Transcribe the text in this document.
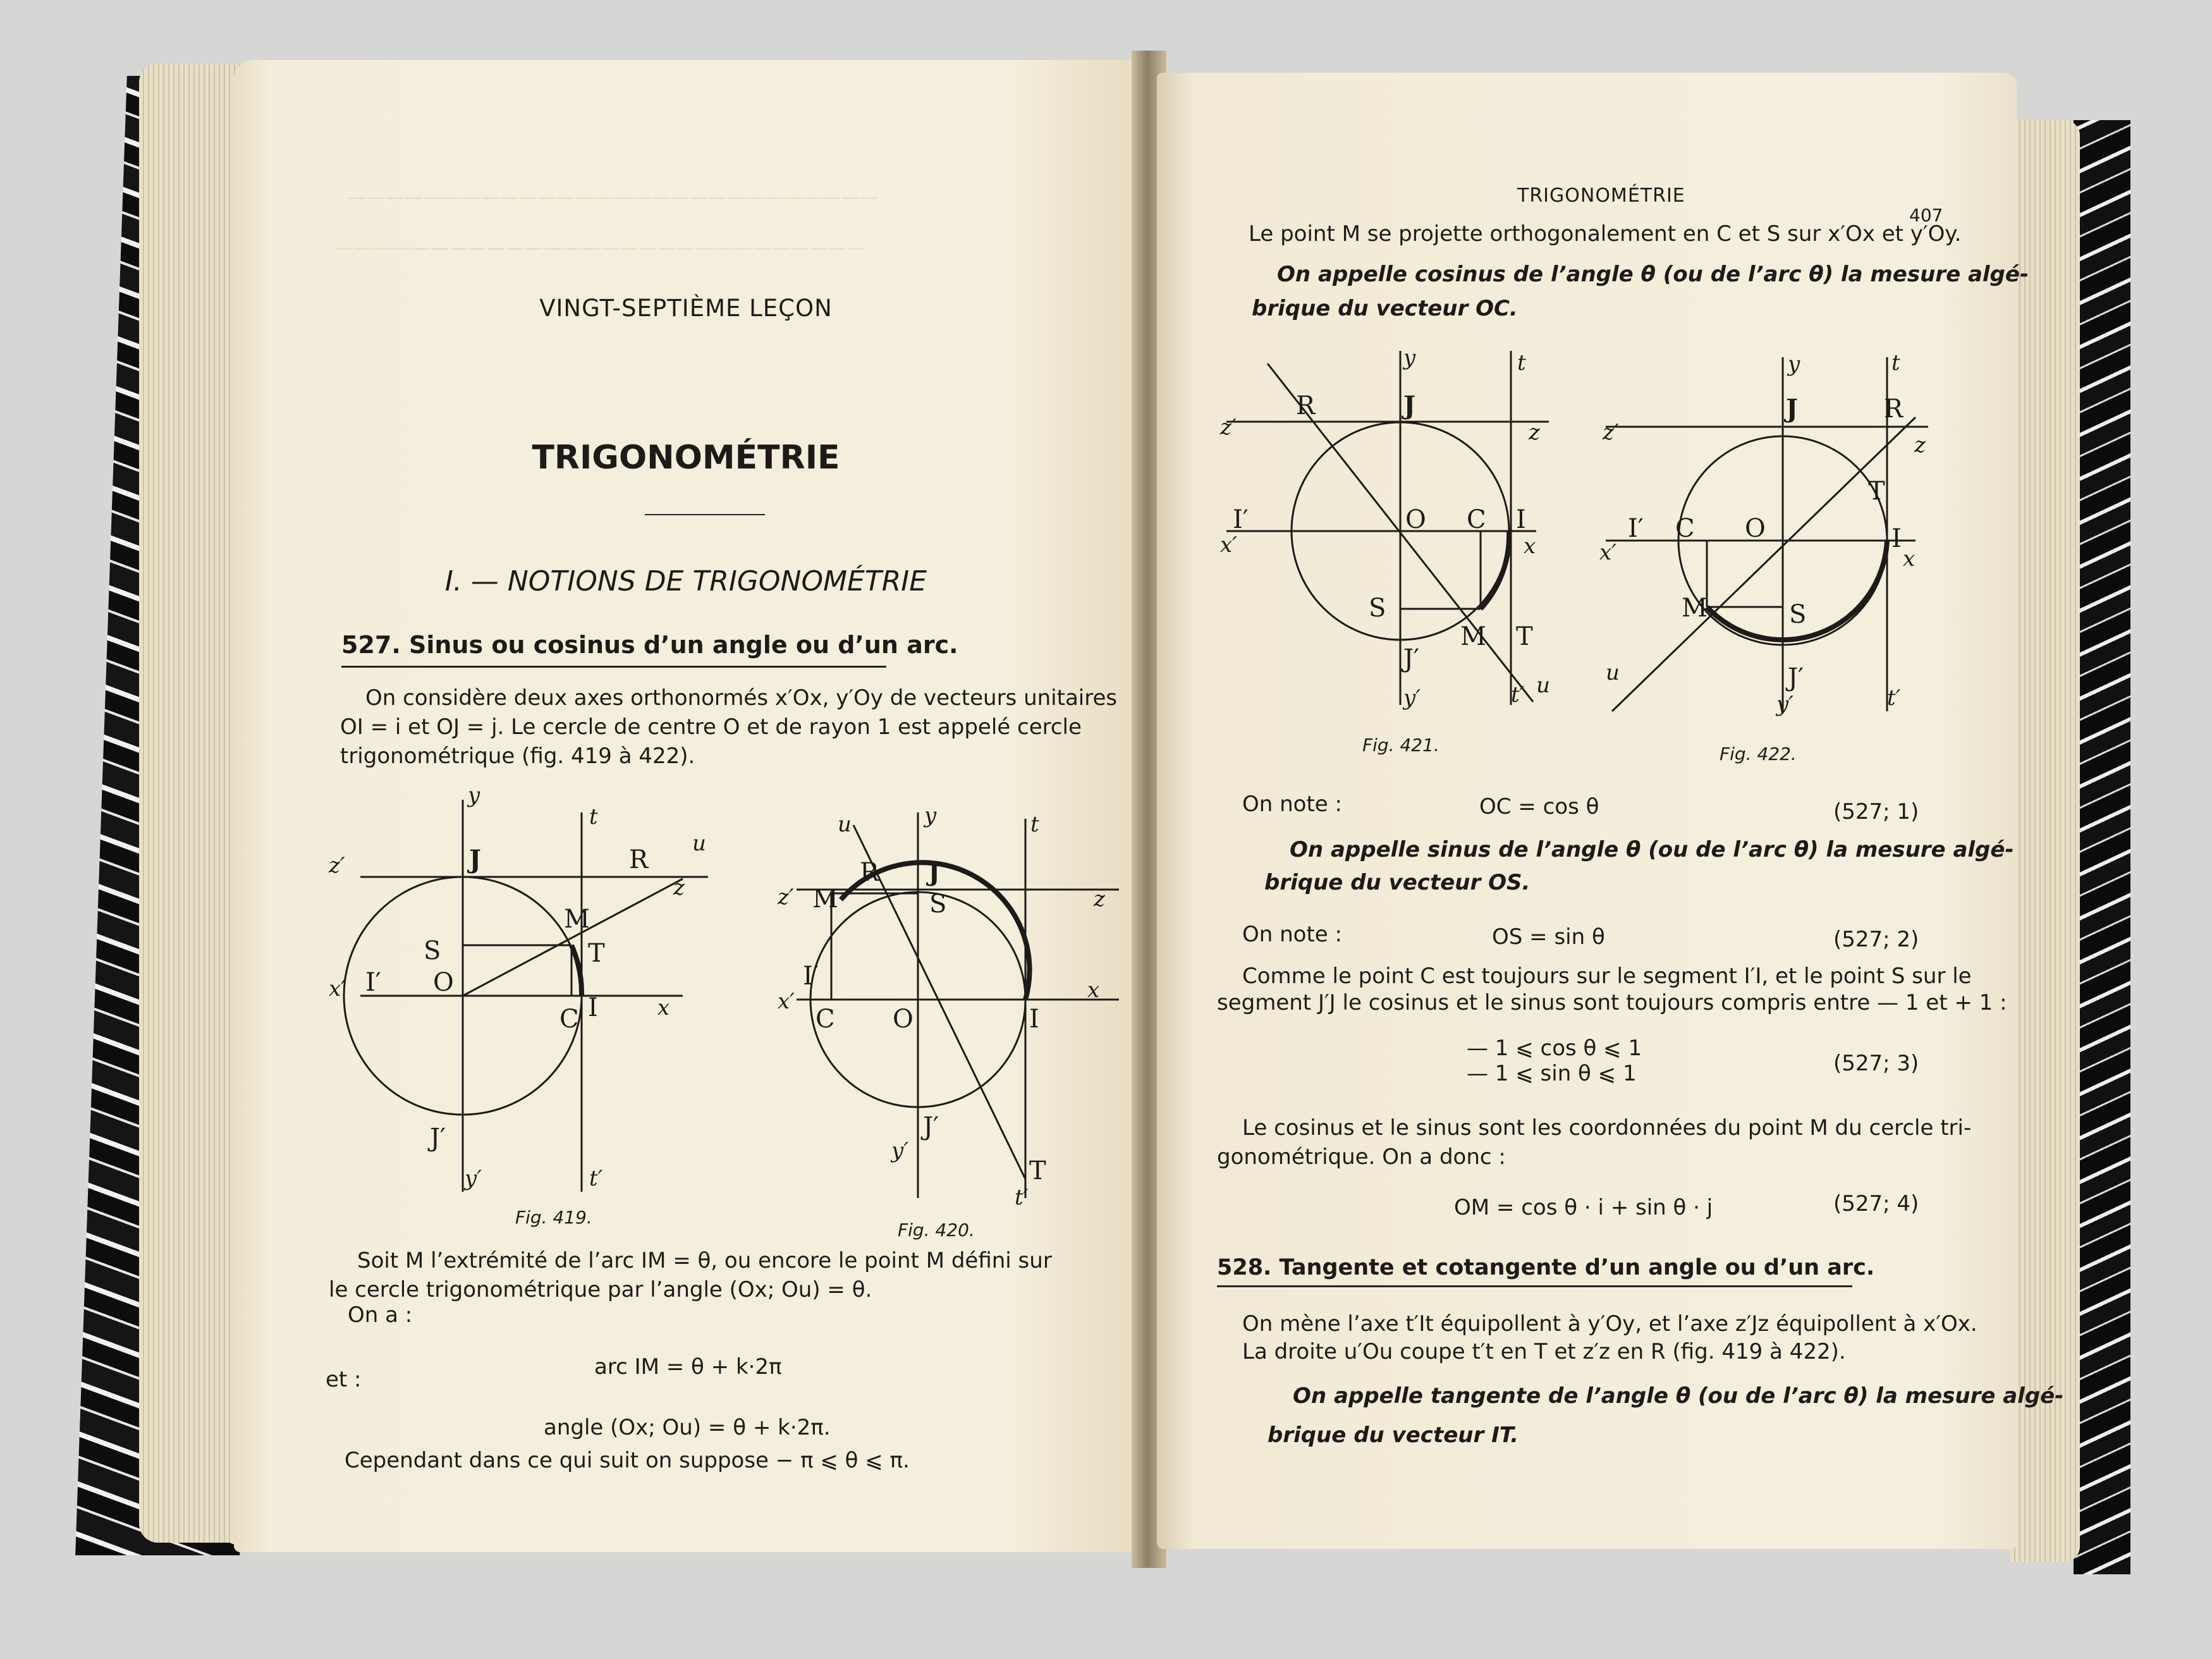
————————————————————————————
————————————————————————————
VINGT-SEPTIÈME LEÇON
TRIGONOMÉTRIE
I. — NOTIONS DE TRIGONOMÉTRIE
527. Sinus ou cosinus d’un angle ou d’un arc.
On considère deux axes orthonormés x′Ox, y′Oy de vecteurs unitaires
OI = i et OJ = j. Le cercle de centre O et de rayon 1 est appelé cercle
trigonométrique (fig. 419 à 422).
J	R
M
S	T
O
I
I′
C
J′
x
x′
y
y′
z
z′
t
t′
u
Fig. 419.
R J
M	S
I′
C O	I
J′
T
x
x′
y
y′
z
z′
t
t′
u
Fig. 420.
Soit M l’extrémité de l’arc IM = θ, ou encore le point M défini sur
le cercle trigonométrique par l’angle (Ox; Ou) = θ.
On a :
arc IM = θ + k·2π
et :
angle (Ox; Ou) = θ + k·2π.
Cependant dans ce qui suit on suppose − π ⩽ θ ⩽ π.
TRIGONOMÉTRIE
407
Le point M se projette orthogonalement en C et S sur x′Ox et y′Oy.
On appelle cosinus de l’angle θ (ou de l’arc θ) la mesure algé-
brique du vecteur OC.
R	J
I′	O C I
S
M T
J′
x
x′
y
y′
z
z′
t
t′ u
Fig. 421.
J	R
T
I′ C O	I
M	S
J′
x
x′
y
y′
z
z′
t
t′
u
Fig. 422.
On note :	OC = cos θ	(527; 1)
On appelle sinus de l’angle θ (ou de l’arc θ) la mesure algé-
brique du vecteur OS.
On note :	OS = sin θ	(527; 2)
Comme le point C est toujours sur le segment I′I, et le point S sur le
segment J′J le cosinus et le sinus sont toujours compris entre — 1 et + 1 :
— 1 ⩽ cos θ ⩽ 1
— 1 ⩽ sin θ ⩽ 1	(527; 3)
Le cosinus et le sinus sont les coordonnées du point M du cercle tri-
gonométrique. On a donc :
OM = cos θ · i + sin θ · j	(527; 4)
528. Tangente et cotangente d’un angle ou d’un arc.
On mène l’axe t′It équipollent à y′Oy, et l’axe z′Jz équipollent à x′Ox.
La droite u′Ou coupe t′t en T et z′z en R (fig. 419 à 422).
On appelle tangente de l’angle θ (ou de l’arc θ) la mesure algé-
brique du vecteur IT.
